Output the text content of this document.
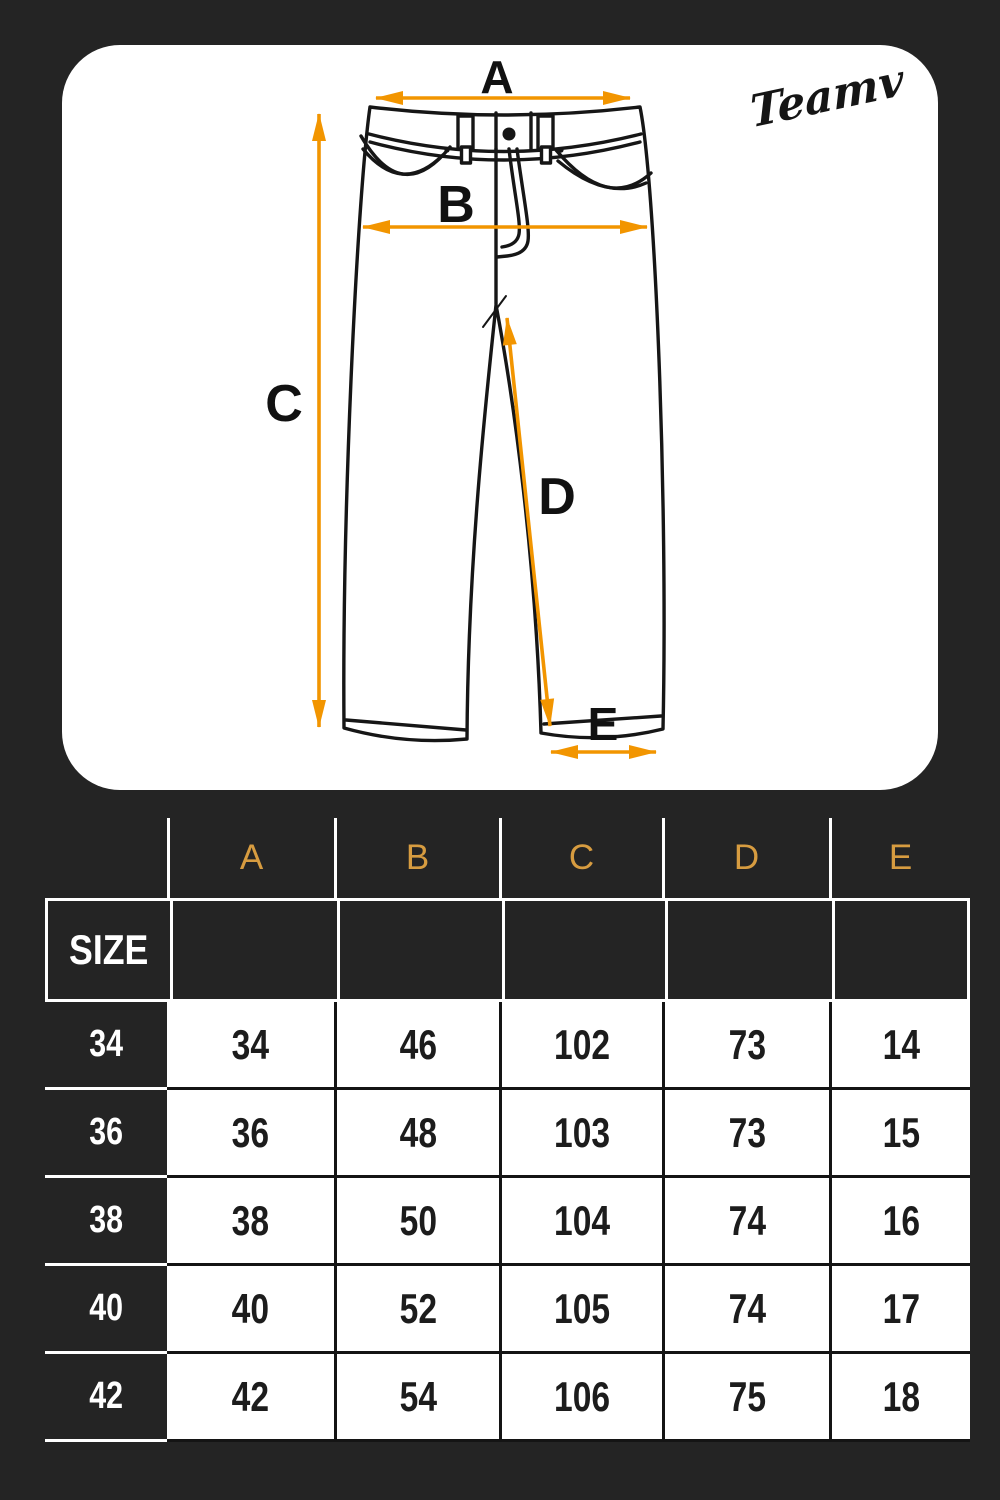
A
B
C
D
E
Teamv
A	B	C	D	E
SIZE
34	34	46	102	73	14
36	36	48	103	73	15
38	38	50	104	74	16
40	40	52	105	74	17
42	42	54	106	75	18
